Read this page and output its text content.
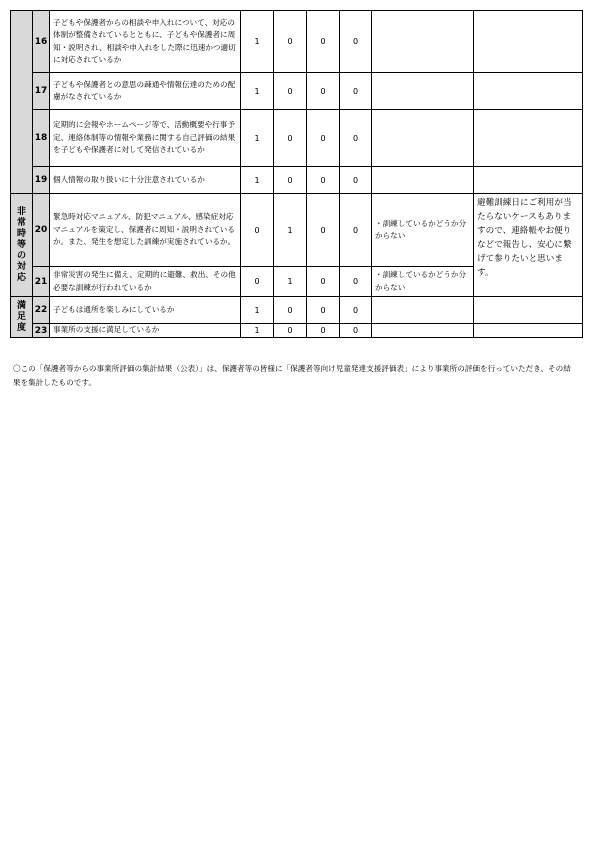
	16	子どもや保護者からの相談や申入れについて、対応の体制が整備されているとともに、子どもや保護者に周知・説明され、相談や申入れをした際に迅速かつ適切に対応されているか	1	0	0	0		
	17	子どもや保護者との意思の疎通や情報伝達のための配慮がなされているか	1	0	0	0		
	18	定期的に会報やホームページ等で、活動概要や行事予定、連絡体制等の情報や業務に関する自己評価の結果を子どもや保護者に対して発信されているか	1	0	0	0		
	19	個人情報の取り扱いに十分注意されているか	1	0	0	0		
非常時等の対応	20	緊急時対応マニュアル、防犯マニュアル、感染症対応マニュアルを策定し、保護者に周知・説明されているか。また、発生を想定した訓練が実施されているか。	0	1	0	0	・訓練しているかどうか分からない	避難訓練日にご利用が当たらないケースもありますので、連絡帳やお便りなどで報告し、安心に繋げて参りたいと思います。
	21	非常災害の発生に備え、定期的に避難、救出、その他必要な訓練が行われているか	0	1	0	0	・訓練しているかどうか分からない	
満足度	22	子どもは通所を楽しみにしているか	1	0	0	0		
	23	事業所の支援に満足しているか	1	0	0	0		

〇この「保護者等からの事業所評価の集計結果（公表）」は、保護者等の皆様に「保護者等向け児童発達支援評価表」により事業所の評価を行っていただき、その結果を集計したものです。
